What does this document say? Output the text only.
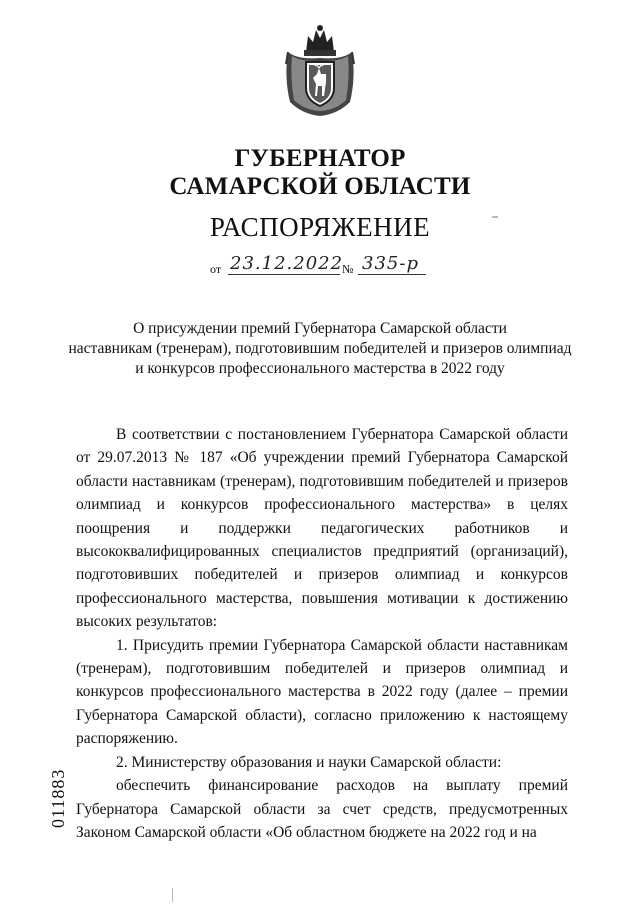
ГУБЕРНАТОР
САМАРСКОЙ ОБЛАСТИ
РАСПОРЯЖЕНИЕ
от 23.12.2022
№ 335-р
О присуждении премий Губернатора Самарской области
наставникам (тренерам), подготовившим победителей и призеров олимпиад
и конкурсов профессионального мастерства в 2022 году

В соответствии с постановлением Губернатора Самарской области от 29.07.2013 № 187 «Об учреждении премий Губернатора Самарской области наставникам (тренерам), подготовившим победителей и призеров олимпиад и конкурсов профессионального мастерства» в целях поощрения и поддержки педагогических работников и высококвалифицированных специалистов предприятий (организаций), подготовивших победителей и призеров олимпиад и конкурсов профессионального мастерства, повышения мотивации к достижению высоких результатов:

1. Присудить премии Губернатора Самарской области наставникам (тренерам), подготовившим победителей и призеров олимпиад и конкурсов профессионального мастерства в 2022 году (далее – премии Губернатора Самарской области), согласно приложению к настоящему распоряжению.

2. Министерству образования и науки Самарской области:

обеспечить финансирование расходов на выплату премий Губернатора Самарской области за счет средств, предусмотренных Законом Самарской области «Об областном бюджете на 2022 год и на

011883
